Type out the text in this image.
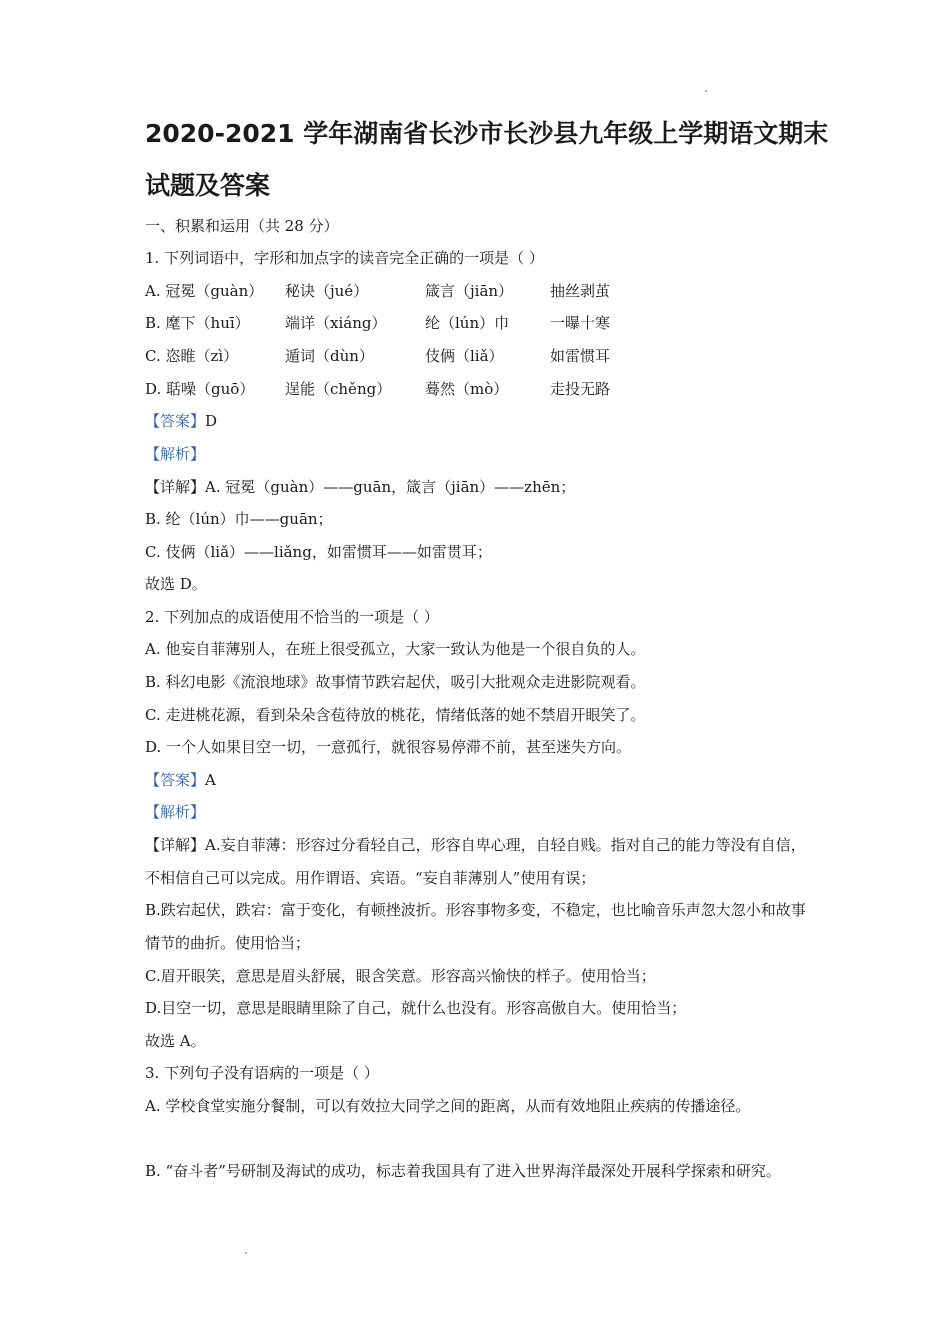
2020-2021 学年湖南省长沙市长沙县九年级上学期语文期末
试题及答案
一、积累和运用（共 28 分）
1. 下列词语中，字形和加点字的读音完全正确的一项是（ ）
A. 冠冕（guàn） 秘诀（jué）	箴言（jiān） 抽丝剥茧
B. 麾下（huī） 端详（xiáng）	纶（lún）巾	一曝十寒
C. 恣睢（zì）	遁词（dùn）	伎俩（liǎ）	如雷惯耳
D. 聒噪（guō） 逞能（chěng） 蓦然（mò）	走投无路
【答案】D
【解析】
【详解】A. 冠冕（guàn）——guān，箴言（jiān）——zhēn；
B. 纶（lún）巾——guān；
C. 伎俩（liǎ）——liǎng，如雷惯耳——如雷贯耳；
故选 D。
2. 下列加点的成语使用不恰当的一项是（ ）
A. 他妄自菲薄别人，在班上很受孤立，大家一致认为他是一个很自负的人。
B. 科幻电影《流浪地球》故事情节跌宕起伏，吸引大批观众走进影院观看。
C. 走进桃花源，看到朵朵含苞待放的桃花，情绪低落的她不禁眉开眼笑了。
D. 一个人如果目空一切，一意孤行，就很容易停滞不前，甚至迷失方向。
【答案】A
【解析】
【详解】A.妄自菲薄：形容过分看轻自己，形容自卑心理，自轻自贱。指对自己的能力等没有自信，不相信自己可以完成。用作谓语、宾语。“妄自菲薄别人”使用有误；
B.跌宕起伏，跌宕：富于变化，有顿挫波折。形容事物多变，不稳定，也比喻音乐声忽大忽小和故事情节的曲折。使用恰当；
C.眉开眼笑，意思是眉头舒展，眼含笑意。形容高兴愉快的样子。使用恰当；
D.目空一切，意思是眼睛里除了自己，就什么也没有。形容高傲自大。使用恰当；
故选 A。
3. 下列句子没有语病的一项是（ ）
A. 学校食堂实施分餐制，可以有效拉大同学之间的距离，从而有效地阻止疾病的传播途径。
B. “奋斗者”号研制及海试的成功，标志着我国具有了进入世界海洋最深处开展科学探索和研究。
